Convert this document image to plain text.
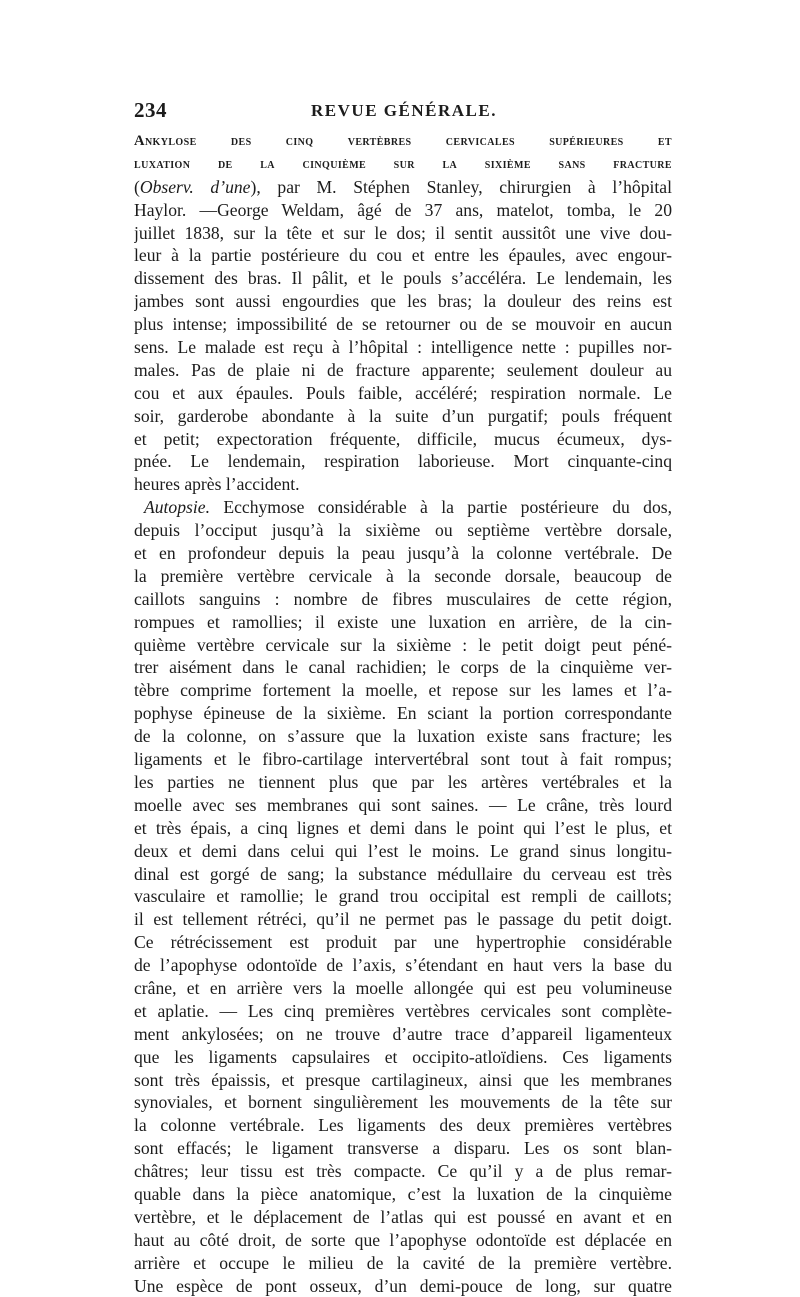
234	REVUE GÉNÉRALE.
Ankylose des cinq vertèbres cervicales supérieures et
luxation de la cinquième sur la sixième sans fracture
(Observ. d’une), par M. Stéphen Stanley, chirurgien à l’hôpital
Haylor. —George Weldam, âgé de 37 ans, matelot, tomba, le 20
juillet 1838, sur la tête et sur le dos; il sentit aussitôt une vive dou-
leur à la partie postérieure du cou et entre les épaules, avec engour-
dissement des bras. Il pâlit, et le pouls s’accéléra. Le lendemain, les
jambes sont aussi engourdies que les bras; la douleur des reins est
plus intense; impossibilité de se retourner ou de se mouvoir en aucun
sens. Le malade est reçu à l’hôpital : intelligence nette : pupilles nor-
males. Pas de plaie ni de fracture apparente; seulement douleur au
cou et aux épaules. Pouls faible, accéléré; respiration normale. Le
soir, garderobe abondante à la suite d’un purgatif; pouls fréquent
et petit; expectoration fréquente, difficile, mucus écumeux, dys-
pnée. Le lendemain, respiration laborieuse. Mort cinquante-cinq
heures après l’accident.
Autopsie. Ecchymose considérable à la partie postérieure du dos,
depuis l’occiput jusqu’à la sixième ou septième vertèbre dorsale,
et en profondeur depuis la peau jusqu’à la colonne vertébrale. De
la première vertèbre cervicale à la seconde dorsale, beaucoup de
caillots sanguins : nombre de fibres musculaires de cette région,
rompues et ramollies; il existe une luxation en arrière, de la cin-
quième vertèbre cervicale sur la sixième : le petit doigt peut péné-
trer aisément dans le canal rachidien; le corps de la cinquième ver-
tèbre comprime fortement la moelle, et repose sur les lames et l’a-
pophyse épineuse de la sixième. En sciant la portion correspondante
de la colonne, on s’assure que la luxation existe sans fracture; les
ligaments et le fibro-cartilage intervertébral sont tout à fait rompus;
les parties ne tiennent plus que par les artères vertébrales et la
moelle avec ses membranes qui sont saines. — Le crâne, très lourd
et très épais, a cinq lignes et demi dans le point qui l’est le plus, et
deux et demi dans celui qui l’est le moins. Le grand sinus longitu-
dinal est gorgé de sang; la substance médullaire du cerveau est très
vasculaire et ramollie; le grand trou occipital est rempli de caillots;
il est tellement rétréci, qu’il ne permet pas le passage du petit doigt.
Ce rétrécissement est produit par une hypertrophie considérable
de l’apophyse odontoïde de l’axis, s’étendant en haut vers la base du
crâne, et en arrière vers la moelle allongée qui est peu volumineuse
et aplatie. — Les cinq premières vertèbres cervicales sont complète-
ment ankylosées; on ne trouve d’autre trace d’appareil ligamenteux
que les ligaments capsulaires et occipito-atloïdiens. Ces ligaments
sont très épaissis, et presque cartilagineux, ainsi que les membranes
synoviales, et bornent singulièrement les mouvements de la tête sur
la colonne vertébrale. Les ligaments des deux premières vertèbres
sont effacés; le ligament transverse a disparu. Les os sont blan-
châtres; leur tissu est très compacte. Ce qu’il y a de plus remar-
quable dans la pièce anatomique, c’est la luxation de la cinquième
vertèbre, et le déplacement de l’atlas qui est poussé en avant et en
haut au côté droit, de sorte que l’apophyse odontoïde est déplacée en
arrière et occupe le milieu de la cavité de la première vertèbre.
Une espèce de pont osseux, d’un demi-pouce de long, sur quatre
